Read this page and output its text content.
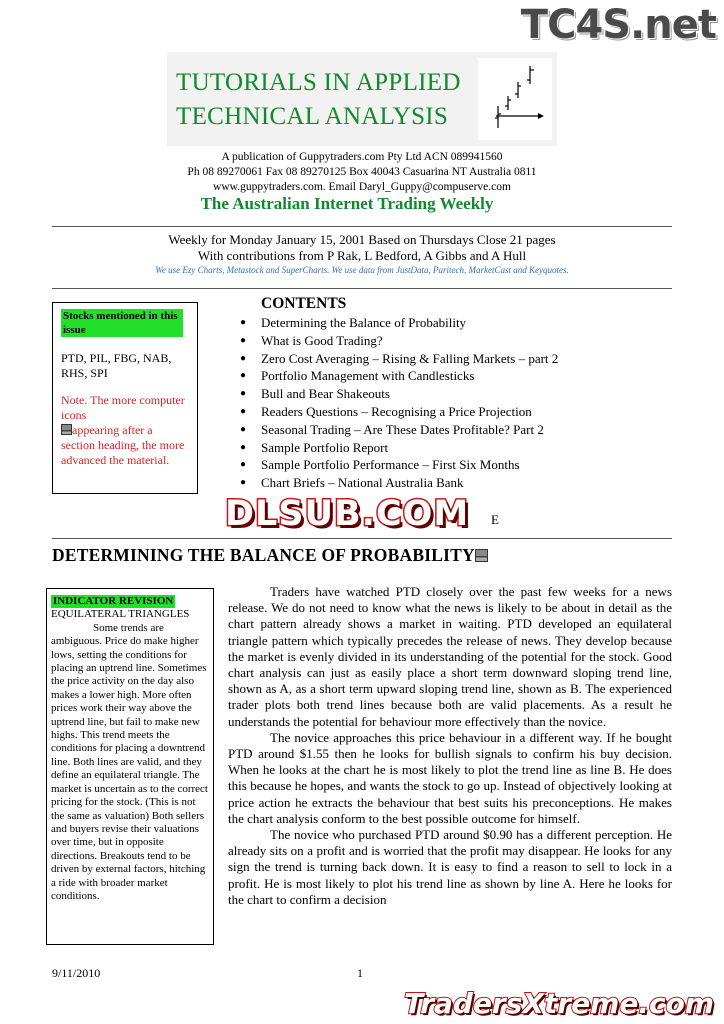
TC4S.net
TUTORIALS IN APPLIED
TECHNICAL ANALYSIS
A publication of Guppytraders.com Pty Ltd ACN 089941560
Ph 08 89270061 Fax 08 89270125 Box 40043 Casuarina NT Australia 0811
www.guppytraders.com. Email Daryl_Guppy@compuserve.com
The Australian Internet Trading Weekly
Weekly for Monday January 15, 2001 Based on Thursdays Close 21 pages
With contributions from P Rak, L Bedford, A Gibbs and A Hull
We use Ezy Charts, Metastock and SuperCharts. We use data from JustData, Paritech, MarketCast and Keyquotes.
Stocks mentioned in this issue
PTD, PIL, FBG, NAB, RHS, SPI
Note. The more computer icons
appearing after a section heading, the more advanced the material.
CONTENTS
● Determining the Balance of Probability
● What is Good Trading?
● Zero Cost Averaging – Rising & Falling Markets – part 2
● Portfolio Management with Candlesticks
● Bull and Bear Shakeouts
● Readers Questions – Recognising a Price Projection
● Seasonal Trading – Are These Dates Profitable? Part 2
● Sample Portfolio Report
● Sample Portfolio Performance – First Six Months
● Chart Briefs – National Australia Bank
E
DLSUB.COM
DETERMINING THE BALANCE OF PROBABILITY
INDICATOR REVISION
EQUILATERAL TRIANGLES
Some trends are ambiguous. Price do make higher lows, setting the conditions for placing an uptrend line. Sometimes the price activity on the day also makes a lower high. More often prices work their way above the uptrend line, but fail to make new highs. This trend meets the conditions for placing a downtrend line. Both lines are valid, and they define an equilateral triangle. The market is uncertain as to the correct pricing for the stock. (This is not the same as valuation) Both sellers and buyers revise their valuations over time, but in opposite directions. Breakouts tend to be driven by external factors, hitching a ride with broader market conditions.

Traders have watched PTD closely over the past few weeks for a news release. We do not need to know what the news is likely to be about in detail as the chart pattern already shows a market in waiting. PTD developed an equilateral triangle pattern which typically precedes the release of news. They develop because the market is evenly divided in its understanding of the potential for the stock. Good chart analysis can just as easily place a short term downward sloping trend line, shown as A, as a short term upward sloping trend line, shown as B. The experienced trader plots both trend lines because both are valid placements. As a result he understands the potential for behaviour more effectively than the novice.

The novice approaches this price behaviour in a different way. If he bought PTD around $1.55 then he looks for bullish signals to confirm his buy decision. When he looks at the chart he is most likely to plot the trend line as line B. He does this because he hopes, and wants the stock to go up. Instead of objectively looking at price action he extracts the behaviour that best suits his preconceptions. He makes the chart analysis conform to the best possible outcome for himself.

The novice who purchased PTD around $0.90 has a different perception. He already sits on a profit and is worried that the profit may disappear. He looks for any sign the trend is turning back down. It is easy to find a reason to sell to lock in a profit. He is most likely to plot his trend line as shown by line A. Here he looks for the chart to confirm a decision

9/11/2010	1
TradersXtreme.com
